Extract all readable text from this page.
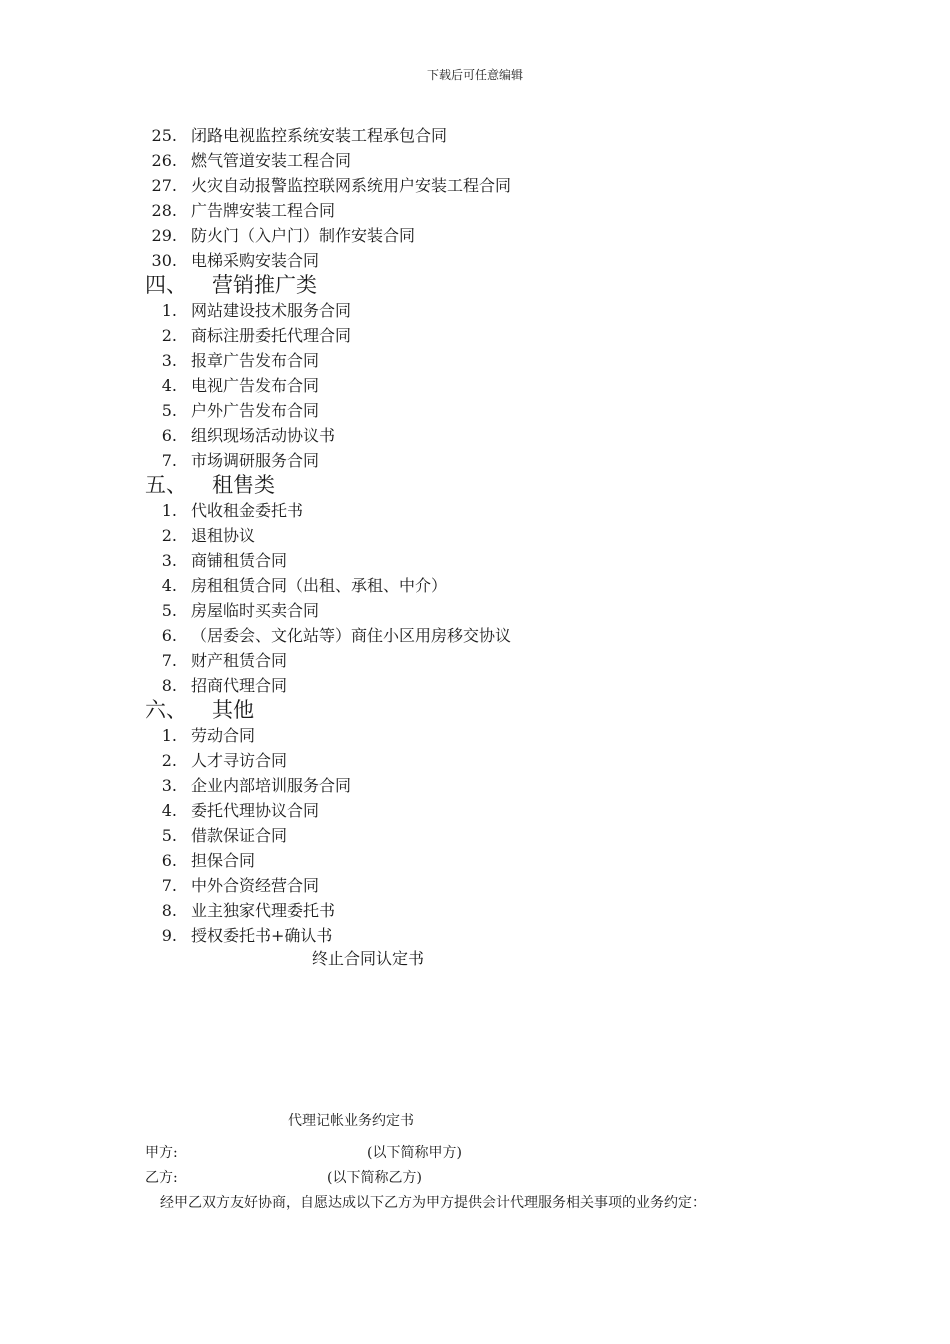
下载后可任意编辑
25. 闭路电视监控系统安装工程承包合同
26. 燃气管道安装工程合同
27. 火灾自动报警监控联网系统用户安装工程合同
28. 广告牌安装工程合同
29. 防火门（入户门）制作安装合同
30. 电梯采购安装合同
四、 营销推广类
1. 网站建设技术服务合同
2. 商标注册委托代理合同
3. 报章广告发布合同
4. 电视广告发布合同
5. 户外广告发布合同
6. 组织现场活动协议书
7. 市场调研服务合同
五、 租售类
1. 代收租金委托书
2. 退租协议
3. 商铺租赁合同
4. 房租租赁合同（出租、承租、中介）
5. 房屋临时买卖合同
6. （居委会、文化站等）商住小区用房移交协议
7. 财产租赁合同
8. 招商代理合同
六、 其他
1. 劳动合同
2. 人才寻访合同
3. 企业内部培训服务合同
4. 委托代理协议合同
5. 借款保证合同
6. 担保合同
7. 中外合资经营合同
8. 业主独家代理委托书
9. 授权委托书+确认书
终止合同认定书
代理记帐业务约定书
甲方:	(以下简称甲方)
乙方:	(以下简称乙方)
经甲乙双方友好协商，自愿达成以下乙方为甲方提供会计代理服务相关事项的业务约定：
